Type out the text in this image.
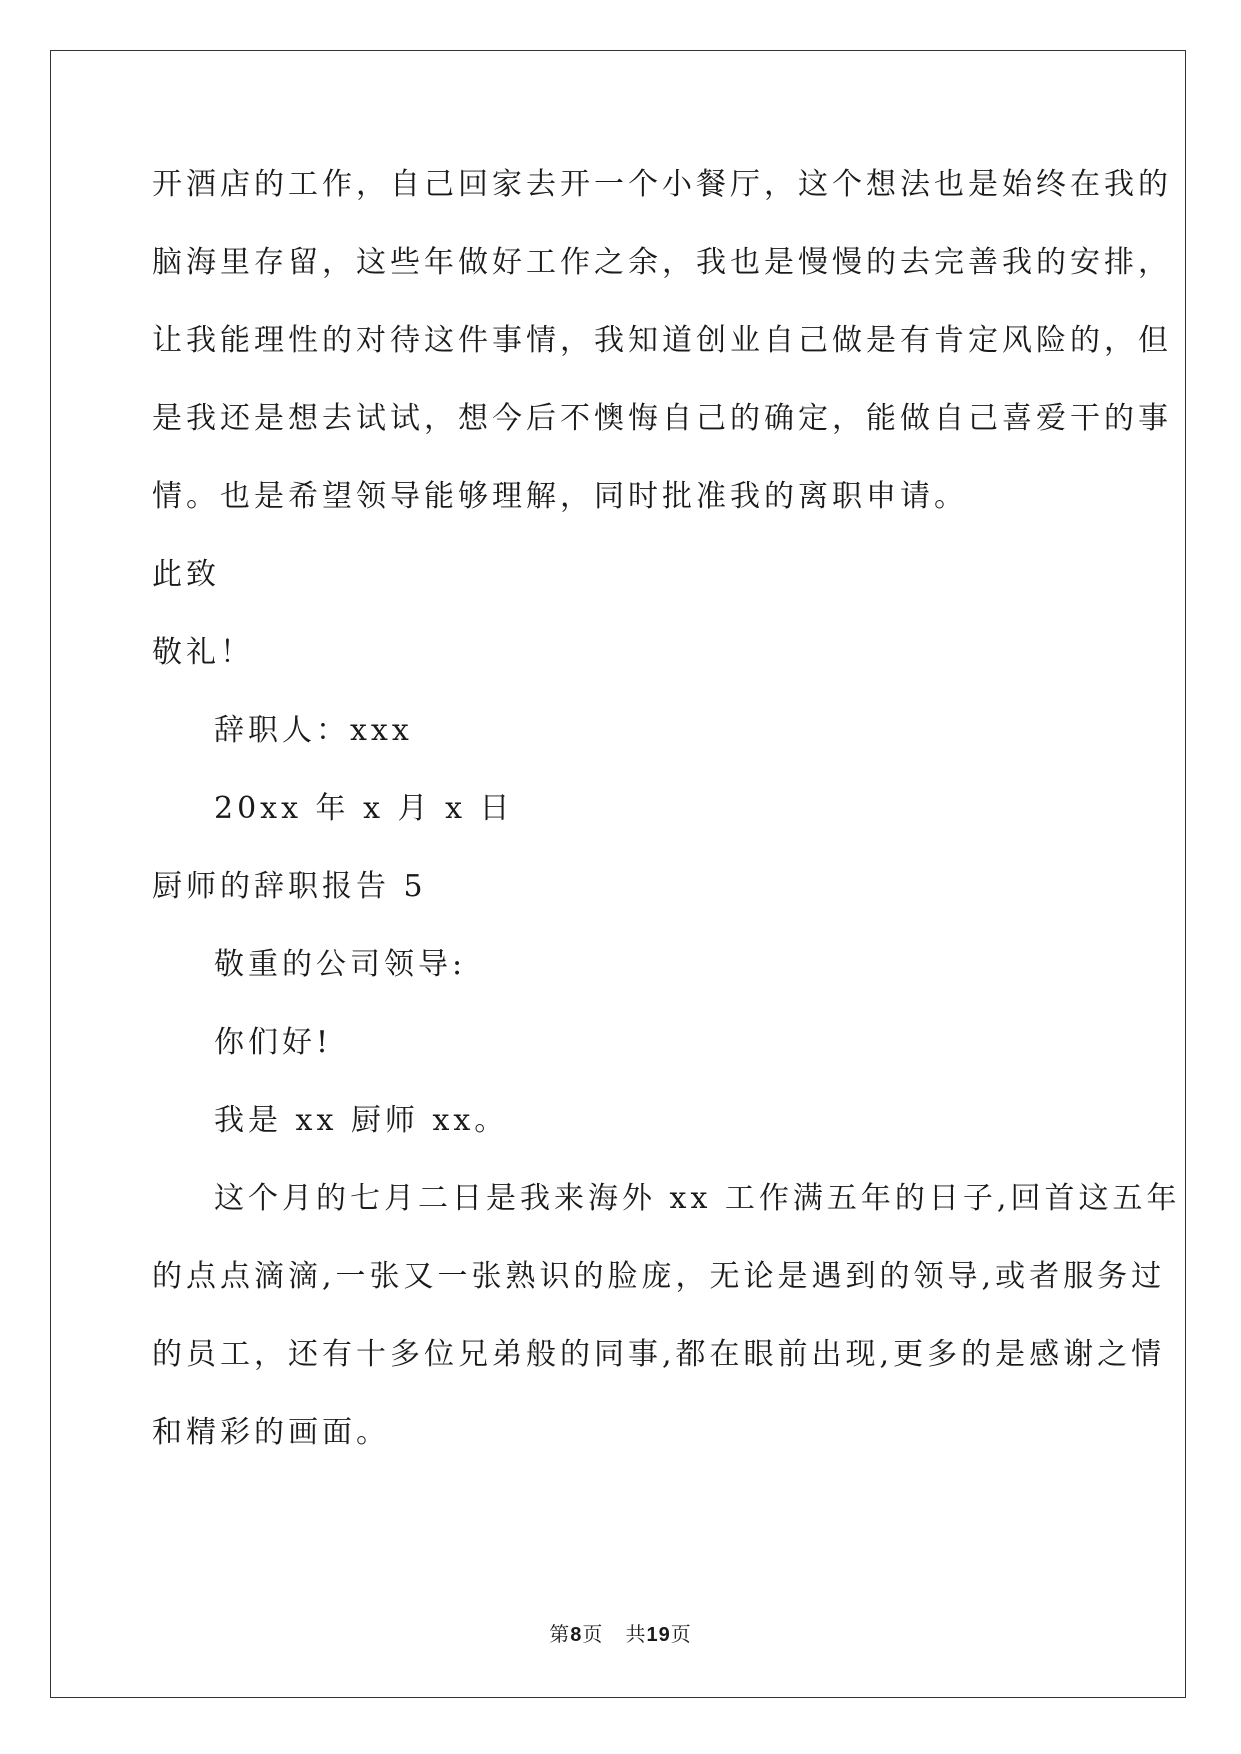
开酒店的工作，自己回家去开一个小餐厅，这个想法也是始终在我的
脑海里存留，这些年做好工作之余，我也是慢慢的去完善我的安排，
让我能理性的对待这件事情，我知道创业自己做是有肯定风险的，但
是我还是想去试试，想今后不懊悔自己的确定，能做自己喜爱干的事
情。也是希望领导能够理解，同时批准我的离职申请。
此致
敬礼！
辞职人：xxx
20xx 年 x 月 x 日
厨师的辞职报告 5
敬重的公司领导:
你们好!
我是 xx 厨师 xx。
这个月的七月二日是我来海外 xx 工作满五年的日子,回首这五年
的点点滴滴,一张又一张熟识的脸庞，无论是遇到的领导,或者服务过
的员工，还有十多位兄弟般的同事,都在眼前出现,更多的是感谢之情
和精彩的画面。
第8页 共19页
